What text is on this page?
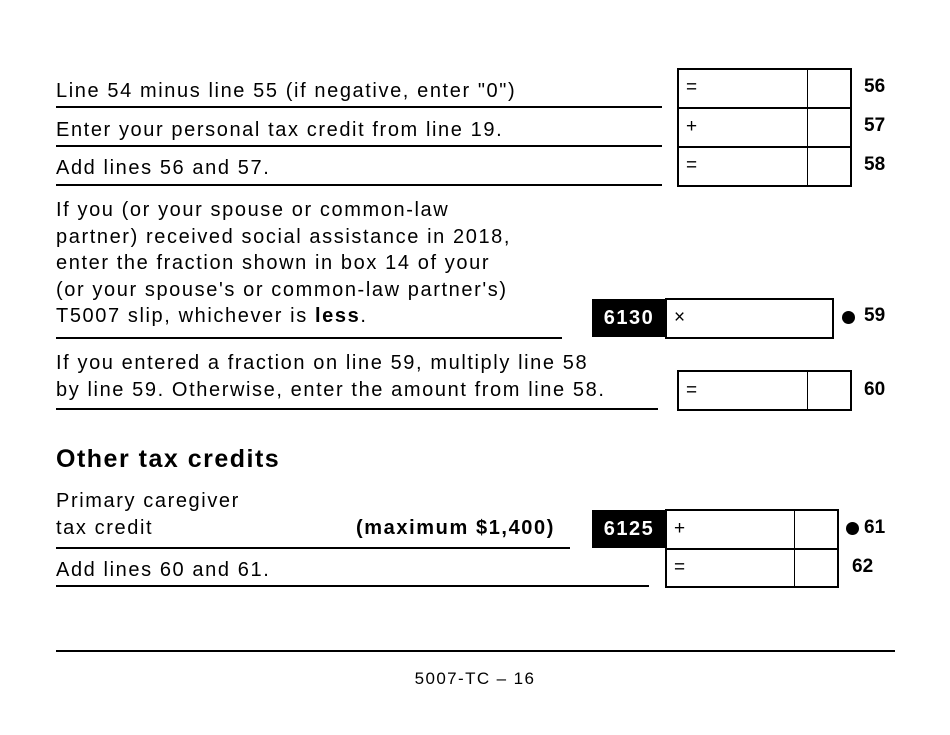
Line 54 minus line 55 (if negative, enter "0")	=	56
Enter your personal tax credit from line 19.	+	57
Add lines 56 and 57.	=	58
If you (or your spouse or common-law
partner) received social assistance in 2018,
enter the fraction shown in box 14 of your
(or your spouse's or common-law partner's)
T5007 slip, whichever is less.	6130	×	59
If you entered a fraction on line 59, multiply line 58
by line 59. Otherwise, enter the amount from line 58.	=	60
Other tax credits
Primary caregiver
tax credit	(maximum $1,400)	6125	+	61
Add lines 60 and 61.	=	62
5007-TC – 16
